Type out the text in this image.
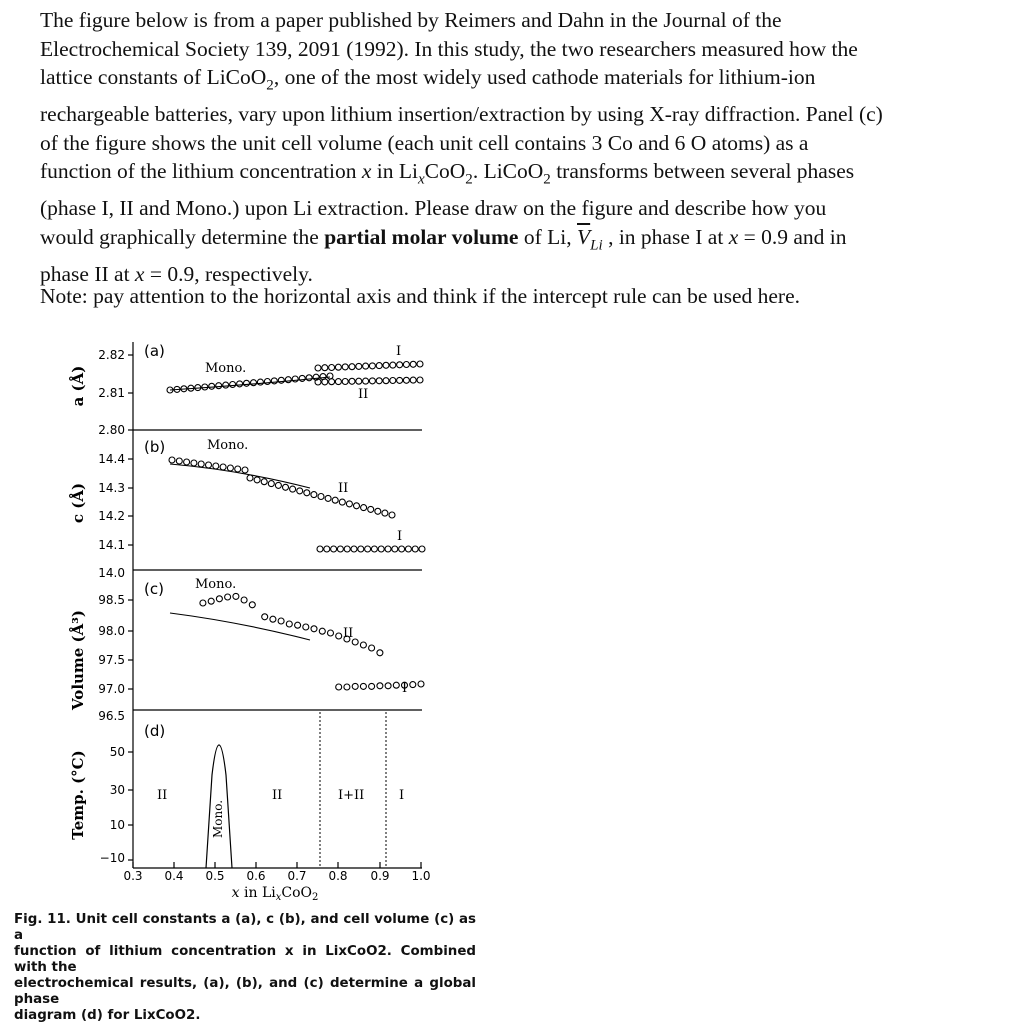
The figure below is from a paper published by Reimers and Dahn in the Journal of the

Electrochemical Society 139, 2091 (1992). In this study, the two researchers measured how the

lattice constants of LiCoO$_2$, one of the most widely used cathode materials for lithium-ion

rechargeable batteries, vary upon lithium insertion/extraction by using X-ray diffraction. Panel (c)

of the figure shows the unit cell volume (each unit cell contains 3 Co and 6 O atoms) as a

function of the lithium concentration x in $Li_xCoO_2$. LiCoO$_2$ transforms between several phases

(phase I, II and Mono.) upon Li extraction. Please draw on the figure and describe how you

would graphically determine the partial molar volume of Li, $\overline{V}_{Li}$ , in phase I at x = 0.9 and in

phase II at x = 0.9, respectively.

Note: pay attention to the horizontal axis and think if the intercept rule can be used here.
2.82
2.81
2.80
14.4
14.3
14.2
14.1
14.0
98.5
98.0
97.5
97.0
96.5
50
30
10
−10
0.3 0.4 0.5 0.6 0.7 0.8 0.9 1.0
x in $Li_xCoO_2$
a (Å)
c (Å)
Volume (Å³)
Temp. (°C)
(a)
(b)
(c)
(d)
Mono.
I
II
Mono.
II
I
Mono.
II
I
II	II	I+II	I
Mono.

Fig. 11. Unit cell constants a (a), c (b), and cell volume (c) as a

function of lithium concentration x in LixCoO2. Combined with the

electrochemical results, (a), (b), and (c) determine a global phase

diagram (d) for LixCoO2.
